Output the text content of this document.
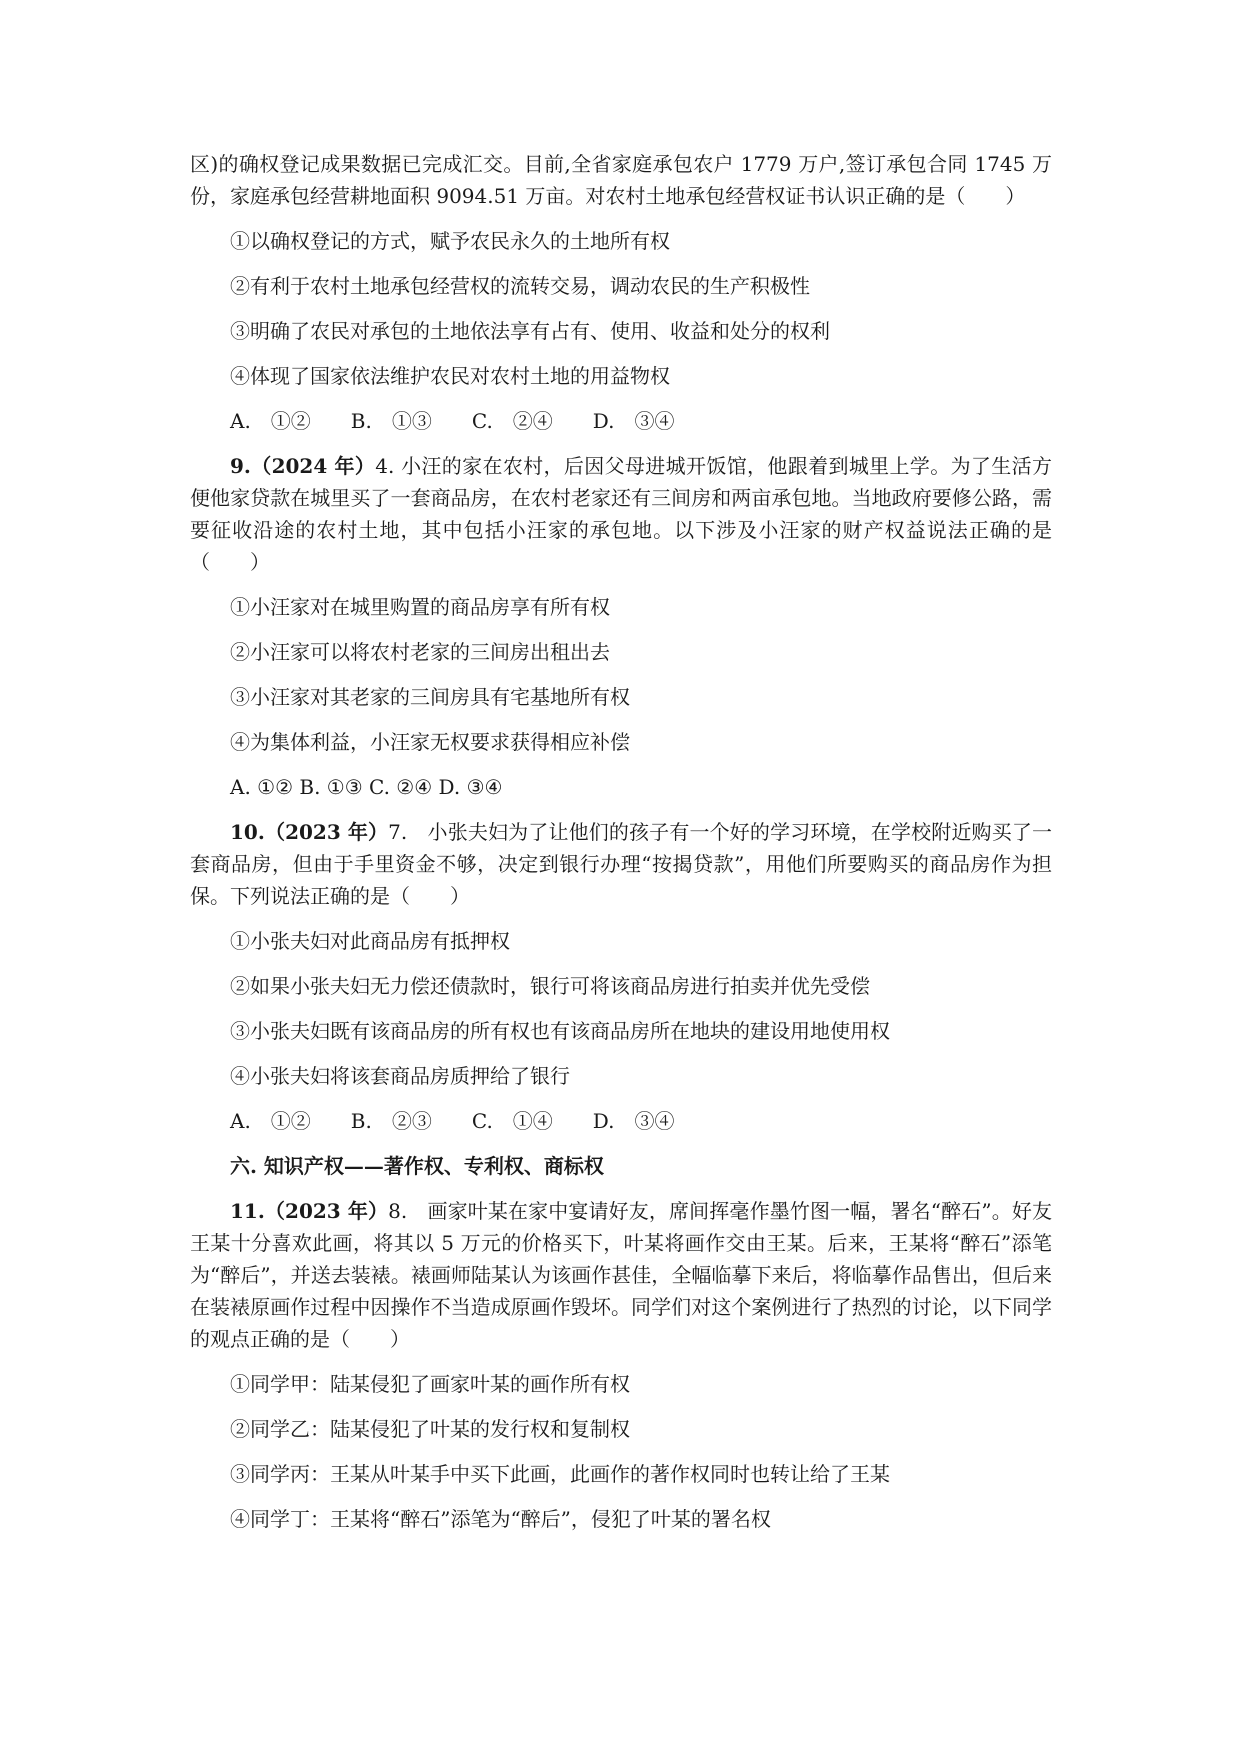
区)的确权登记成果数据已完成汇交。目前,全省家庭承包农户 1779 万户,签订承包合同 1745 万份，家庭承包经营耕地面积 9094.51 万亩。对农村土地承包经营权证书认识正确的是（　　）

①以确权登记的方式，赋予农民永久的土地所有权
②有利于农村土地承包经营权的流转交易，调动农民的生产积极性
③明确了农民对承包的土地依法享有占有、使用、收益和处分的权利
④体现了国家依法维护农民对农村土地的用益物权
A.　①②　　B.　①③　　C.　②④　　D.　③④

9.（2024 年）4. 小汪的家在农村，后因父母进城开饭馆，他跟着到城里上学。为了生活方便他家贷款在城里买了一套商品房，在农村老家还有三间房和两亩承包地。当地政府要修公路，需要征收沿途的农村土地，其中包括小汪家的承包地。以下涉及小汪家的财产权益说法正确的是（　　）

①小汪家对在城里购置的商品房享有所有权
②小汪家可以将农村老家的三间房出租出去
③小汪家对其老家的三间房具有宅基地所有权
④为集体利益，小汪家无权要求获得相应补偿
A. ①② B. ①③ C. ②④ D. ③④

10.（2023 年）7.　小张夫妇为了让他们的孩子有一个好的学习环境，在学校附近购买了一套商品房，但由于手里资金不够，决定到银行办理“按揭贷款”，用他们所要购买的商品房作为担保。下列说法正确的是（　　）

①小张夫妇对此商品房有抵押权
②如果小张夫妇无力偿还债款时，银行可将该商品房进行拍卖并优先受偿
③小张夫妇既有该商品房的所有权也有该商品房所在地块的建设用地使用权
④小张夫妇将该套商品房质押给了银行
A.　①②　　B.　②③　　C.　①④　　D.　③④
六. 知识产权——著作权、专利权、商标权

11.（2023 年）8.　画家叶某在家中宴请好友，席间挥毫作墨竹图一幅，署名“醉石”。好友王某十分喜欢此画，将其以 5 万元的价格买下，叶某将画作交由王某。后来，王某将“醉石”添笔为“醉后”，并送去装裱。裱画师陆某认为该画作甚佳，全幅临摹下来后，将临摹作品售出，但后来在装裱原画作过程中因操作不当造成原画作毁坏。同学们对这个案例进行了热烈的讨论，以下同学的观点正确的是（　　）

①同学甲：陆某侵犯了画家叶某的画作所有权
②同学乙：陆某侵犯了叶某的发行权和复制权
③同学丙：王某从叶某手中买下此画，此画作的著作权同时也转让给了王某
④同学丁：王某将“醉石”添笔为“醉后”，侵犯了叶某的署名权
